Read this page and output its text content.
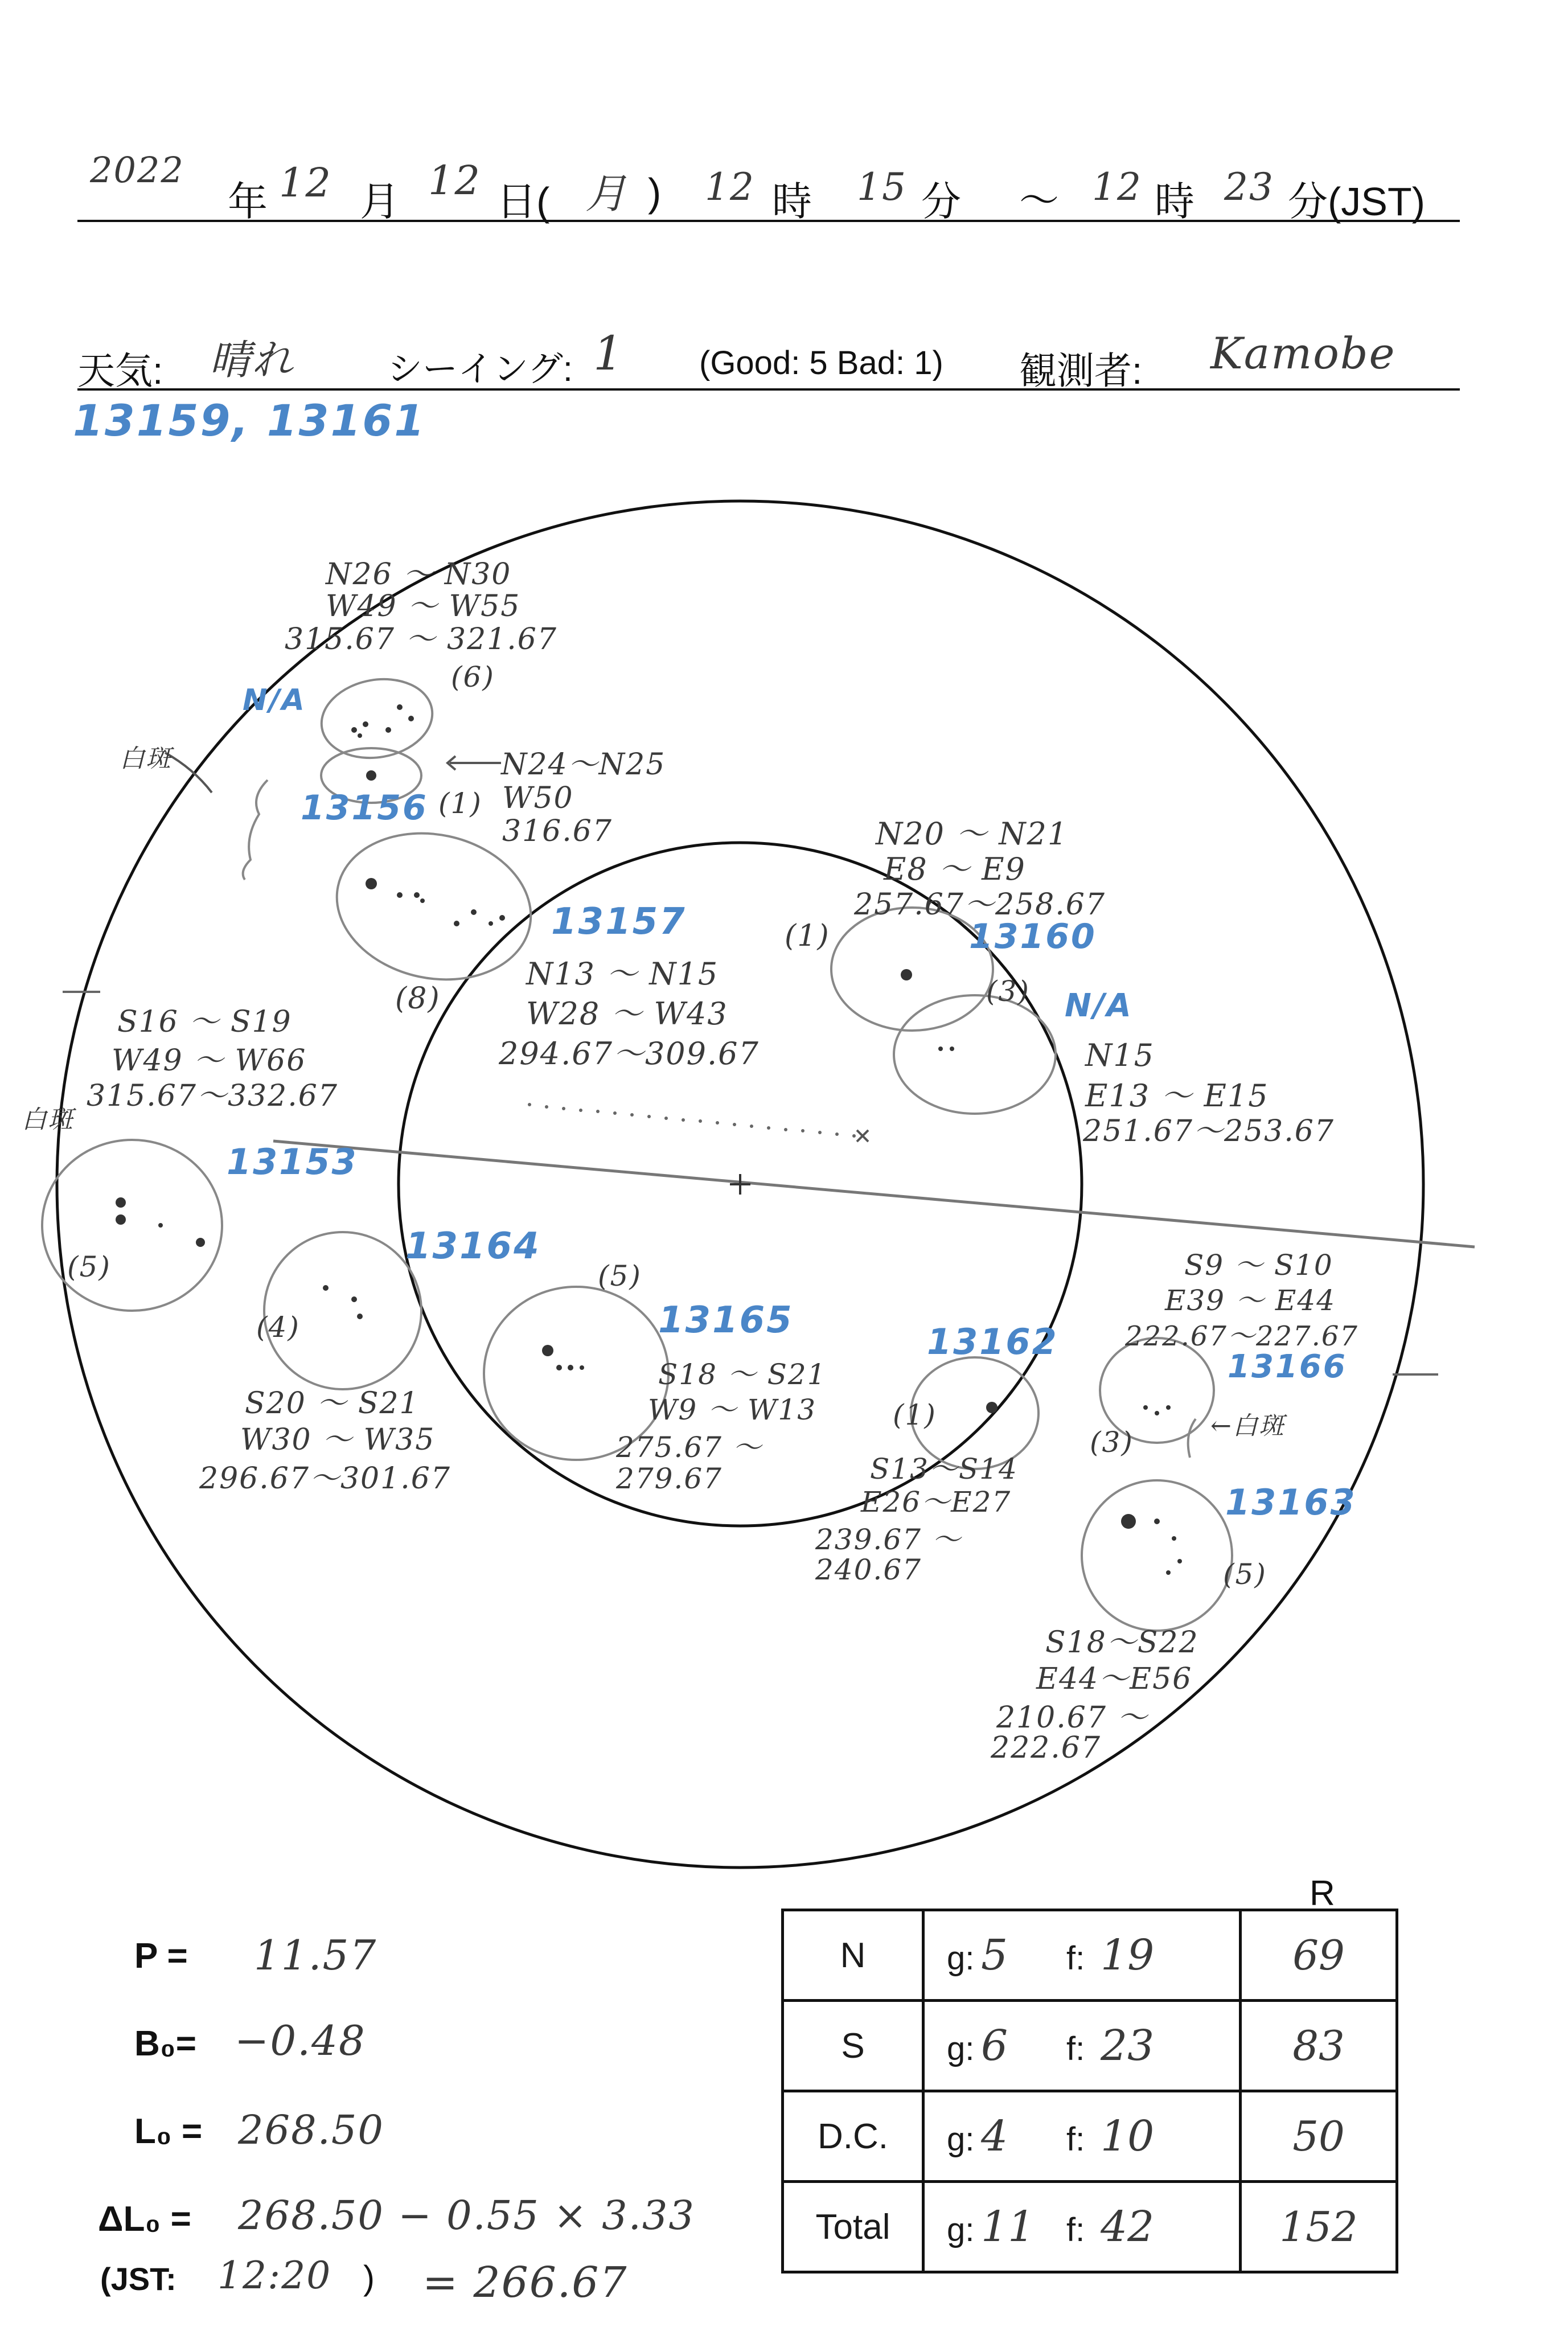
2022
年 12 月 12 日( 月 ) 12 時 15 分 〜 12 時 23 分(JST)
天気: 晴れ	シーイング: 1 (Good: 5 Bad: 1) 観測者: Kamobe
13159, 13161
N26 〜 N30
W49 〜 W55
315.67 〜 321.67
(6)
N/A
白斑	N24〜N25
(1) W50
316.67
13156
(8)
13157
N13 〜 N15
W28 〜 W43
294.67〜309.67
N20 〜 N21
E8 〜 E9
257.67〜258.67
(1)	13160
(3) N/A
N15
E13 〜 E15
251.67〜253.67
S16 〜 S19
W49 〜 W66
315.67〜332.67
(5)
13153
白斑
13164
(4)
S20 〜 S21
W30 〜 W35
296.67〜301.67
(5)
13165
S18 〜 S21
W9 〜 W13
275.67 〜
279.67
13162
(1)
S13〜S14
E26〜E27
239.67 〜
240.67
S9 〜 S10
E39 〜 E44
222.67〜227.67
13166
(3)	←白斑
13163
(5)
S18〜S22
E44〜E56
210.67 〜
222.67
P = 11.57
B₀= −0.48
L₀ = 268.50
ΔL₀ = 268.50 − 0.55 × 3.33
(JST: 12:20 ) = 266.67
R
N	g: 5 f: 19	69
S	g: 6 f: 23	83
D.C.	g: 4 f: 10	50
Total	g: 11 f: 42	152
